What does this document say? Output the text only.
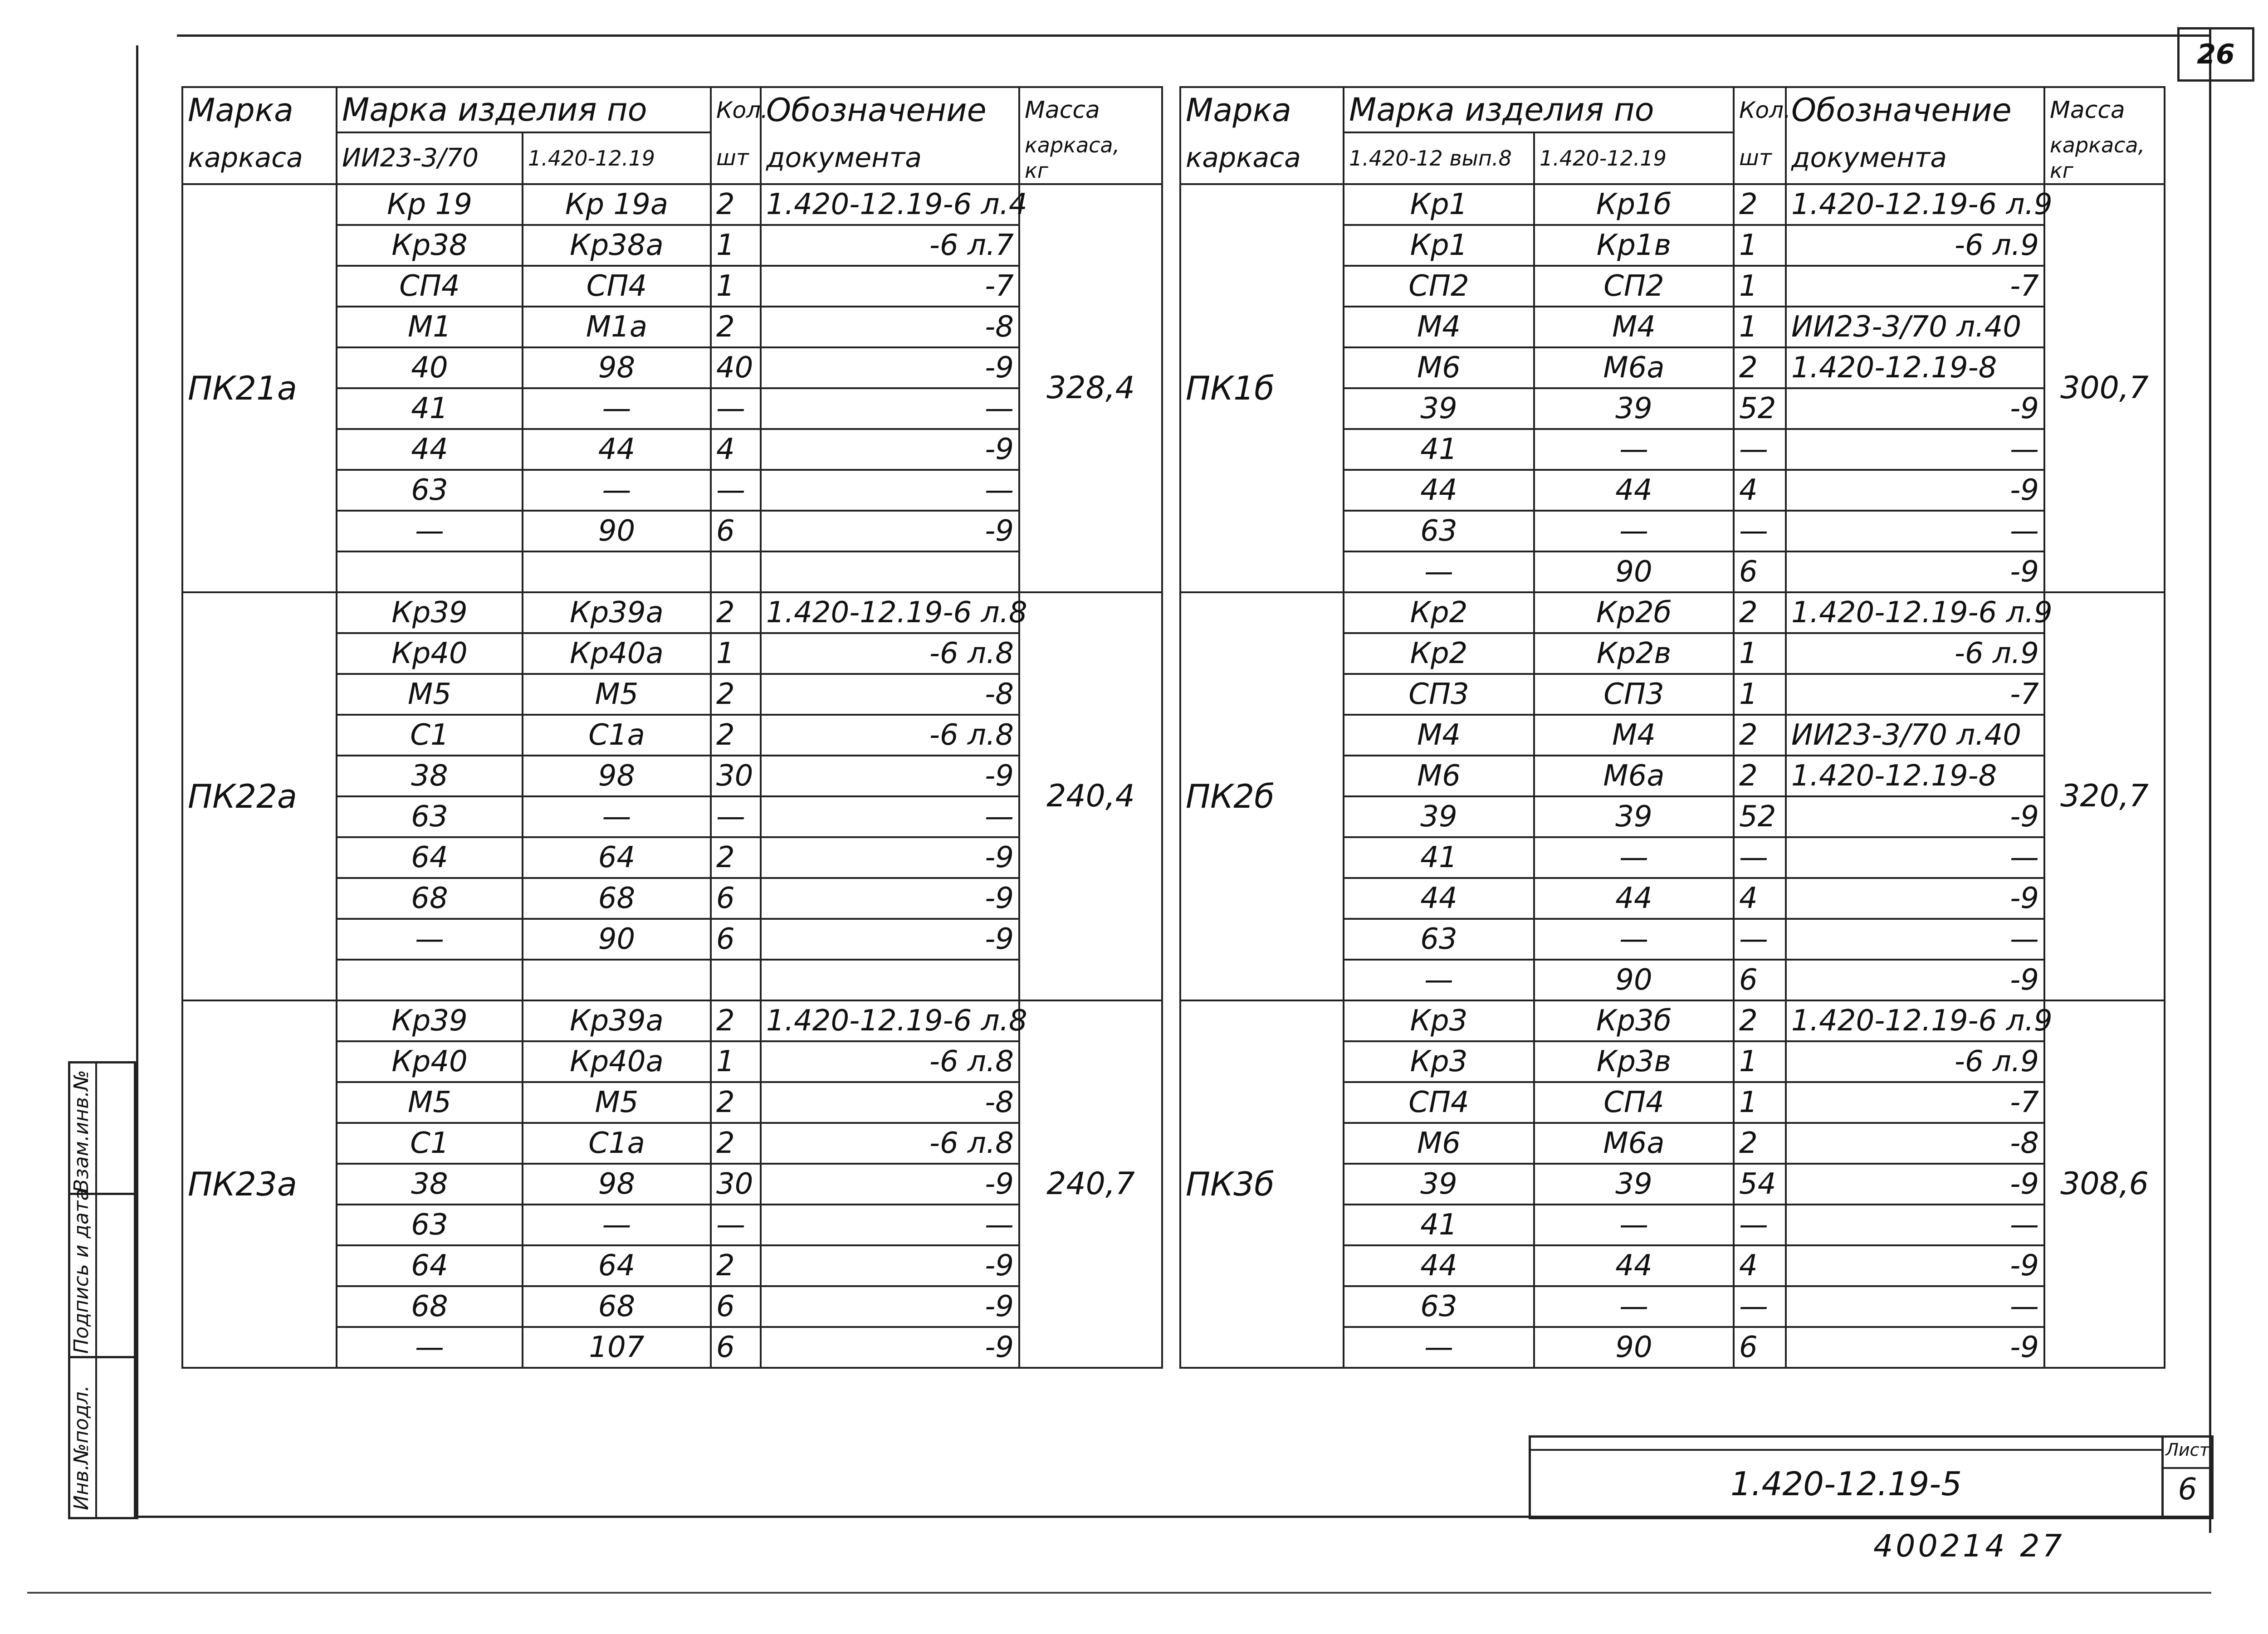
26
Марка	Марка изделия по		Кол.	Обозначение	Масса
каркаса	ИИ23-3/70	1.420-12.19	шт	документа	каркаса,
кг
ПК21а	Кр 19	Кр 19а	2	1.420-12.19-6 л.4	328,4
	Кр38	Кр38а	1	-6 л.7	
	СП4	СП4	1	-7	
	М1	М1а	2	-8	
	40	98	40	-9	
	41	—	—	—	
	44	44	4	-9	
	63	—	—	—	
	—	90	6	-9	

ПК22а	Кр39	Кр39а	2	1.420-12.19-6 л.8	240,4
	Кр40	Кр40а	1	-6 л.8	
	М5	М5	2	-8	
	С1	С1а	2	-6 л.8	
	38	98	30	-9	
	63	—	—	—	
	64	64	2	-9	
	68	68	6	-9	
	—	90	6	-9	

ПК23а	Кр39	Кр39а	2	1.420-12.19-6 л.8	240,7
	Кр40	Кр40а	1	-6 л.8	
	М5	М5	2	-8	
	С1	С1а	2	-6 л.8	
	38	98	30	-9	
	63	—	—	—	
	64	64	2	-9	
	68	68	6	-9	
	—	107	6	-9	
Марка	Марка изделия по		Кол.	Обозначение	Масса
каркаса	1.420-12 вып.8	1.420-12.19	шт	документа	каркаса,
кг
ПК1б	Кр1	Кр1б	2	1.420-12.19-6 л.9	300,7
	Кр1	Кр1в	1	-6 л.9	
	СП2	СП2	1	-7	
	М4	М4	1	ИИ23-3/70 л.40	
	М6	М6а	2	1.420-12.19-8	
	39	39	52	-9	
	41	—	—	—	
	44	44	4	-9	
	63	—	—	—	
	—	90	6	-9	
ПК2б	Кр2	Кр2б	2	1.420-12.19-6 л.9	320,7
	Кр2	Кр2в	1	-6 л.9	
	СП3	СП3	1	-7	
	М4	М4	2	ИИ23-3/70 л.40	
	М6	М6а	2	1.420-12.19-8	
	39	39	52	-9	
	41	—	—	—	
	44	44	4	-9	
	63	—	—	—	
	—	90	6	-9	
ПК3б	Кр3	Кр3б	2	1.420-12.19-6 л.9	308,6
	Кр3	Кр3в	1	-6 л.9	
	СП4	СП4	1	-7	
	М6	М6а	2	-8	
	39	39	54	-9	
	41	—	—	—	
	44	44	4	-9	
	63	—	—	—	
	—	90	6	-9	
Инв.№подл.
Подпись и дата
Взам.инв.№
1.420-12.19-5
Лист
6
400214 27
